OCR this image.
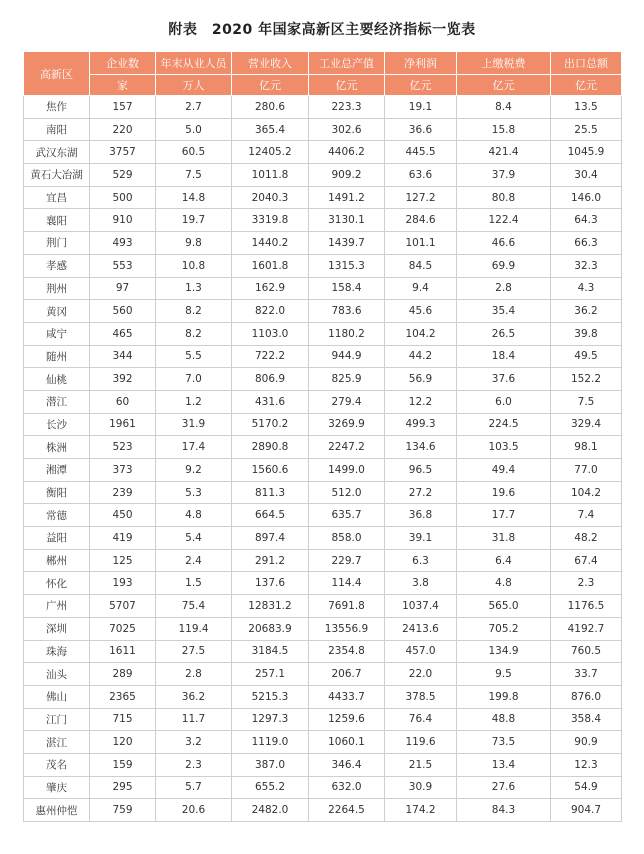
附表　2020 年国家高新区主要经济指标一览表
高新区	企业数	年末从业人员	营业收入	工业总产值	净利润	上缴税费	出口总额
	家	万人	亿元	亿元	亿元	亿元	亿元
焦作	157	2.7	280.6	223.3	19.1	8.4	13.5
南阳	220	5.0	365.4	302.6	36.6	15.8	25.5
武汉东湖	3757	60.5	12405.2	4406.2	445.5	421.4	1045.9
黄石大冶湖	529	7.5	1011.8	909.2	63.6	37.9	30.4
宜昌	500	14.8	2040.3	1491.2	127.2	80.8	146.0
襄阳	910	19.7	3319.8	3130.1	284.6	122.4	64.3
荆门	493	9.8	1440.2	1439.7	101.1	46.6	66.3
孝感	553	10.8	1601.8	1315.3	84.5	69.9	32.3
荆州	97	1.3	162.9	158.4	9.4	2.8	4.3
黄冈	560	8.2	822.0	783.6	45.6	35.4	36.2
咸宁	465	8.2	1103.0	1180.2	104.2	26.5	39.8
随州	344	5.5	722.2	944.9	44.2	18.4	49.5
仙桃	392	7.0	806.9	825.9	56.9	37.6	152.2
潜江	60	1.2	431.6	279.4	12.2	6.0	7.5
长沙	1961	31.9	5170.2	3269.9	499.3	224.5	329.4
株洲	523	17.4	2890.8	2247.2	134.6	103.5	98.1
湘潭	373	9.2	1560.6	1499.0	96.5	49.4	77.0
衡阳	239	5.3	811.3	512.0	27.2	19.6	104.2
常德	450	4.8	664.5	635.7	36.8	17.7	7.4
益阳	419	5.4	897.4	858.0	39.1	31.8	48.2
郴州	125	2.4	291.2	229.7	6.3	6.4	67.4
怀化	193	1.5	137.6	114.4	3.8	4.8	2.3
广州	5707	75.4	12831.2	7691.8	1037.4	565.0	1176.5
深圳	7025	119.4	20683.9	13556.9	2413.6	705.2	4192.7
珠海	1611	27.5	3184.5	2354.8	457.0	134.9	760.5
汕头	289	2.8	257.1	206.7	22.0	9.5	33.7
佛山	2365	36.2	5215.3	4433.7	378.5	199.8	876.0
江门	715	11.7	1297.3	1259.6	76.4	48.8	358.4
湛江	120	3.2	1119.0	1060.1	119.6	73.5	90.9
茂名	159	2.3	387.0	346.4	21.5	13.4	12.3
肇庆	295	5.7	655.2	632.0	30.9	27.6	54.9
惠州仲恺	759	20.6	2482.0	2264.5	174.2	84.3	904.7
